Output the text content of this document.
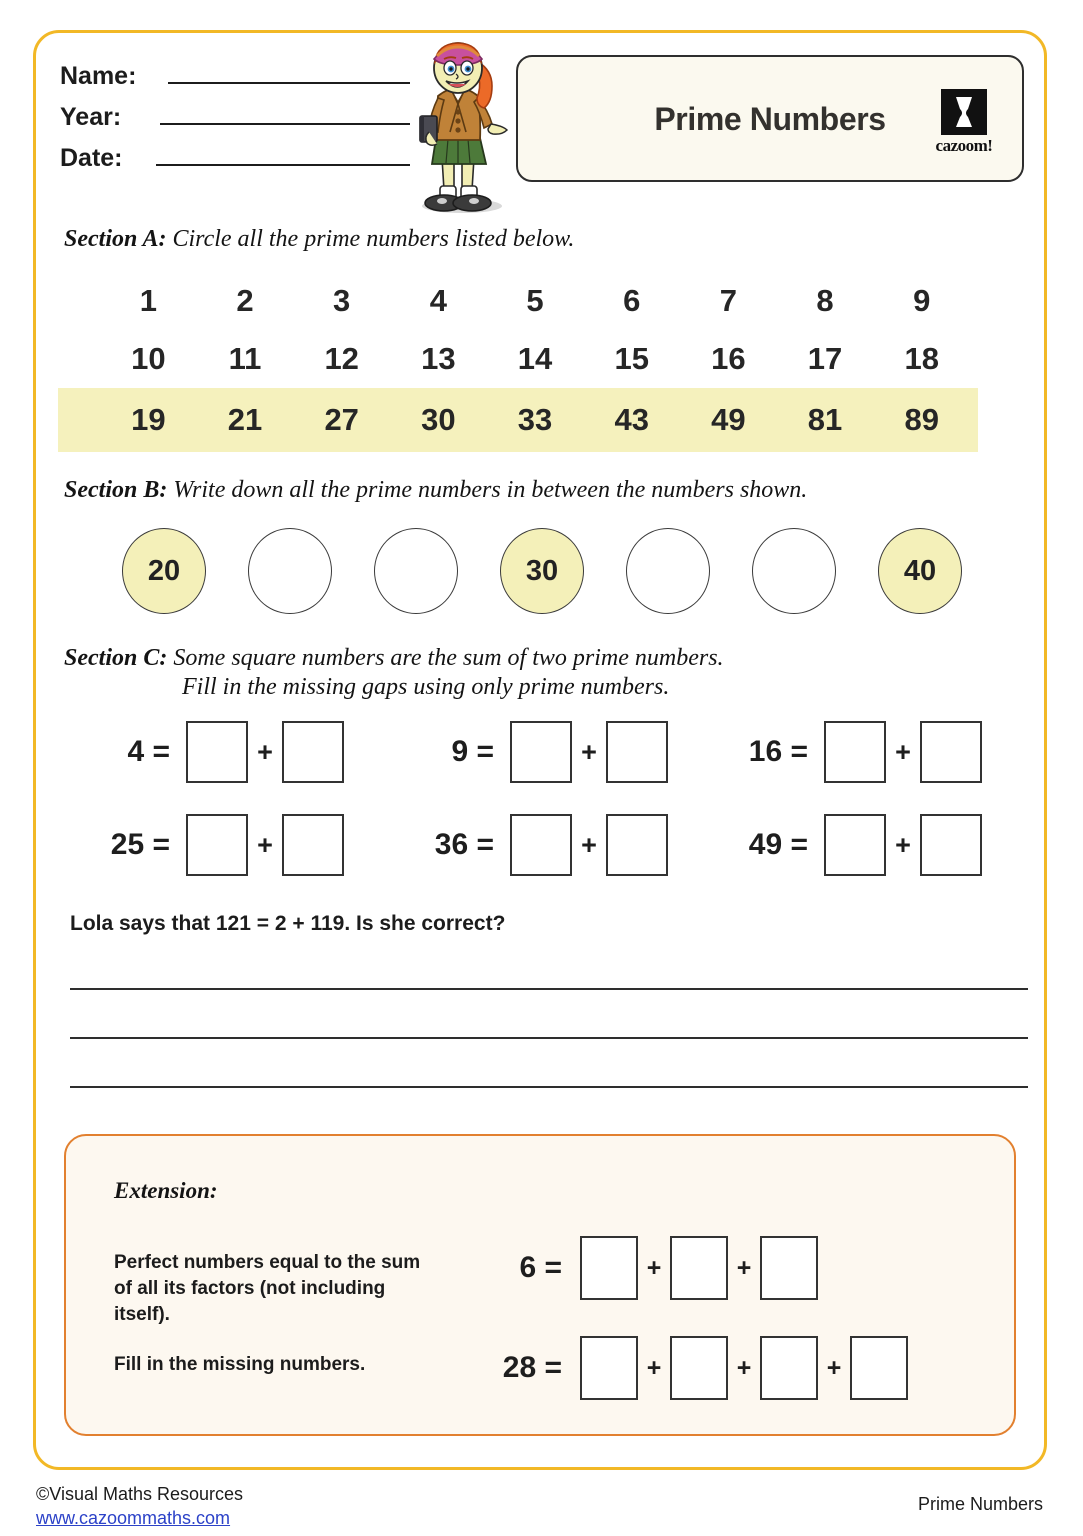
Name:
Year:
Date:
Prime Numbers
cazoom!
Section A: Circle all the prime numbers listed below.
1	2	3	4	5	6	7	8	9
10	11	12	13	14	15	16	17	18
19	21	27	30	33	43	49	81	89
Section B: Write down all the prime numbers in between the numbers shown.
20	30	40
Section C: Some square numbers are the sum of two prime numbers.
Fill in the missing gaps using only prime numbers.
4 =	+	9 =	+	16 =	+
25 =	+	36 =	+	49 =	+
Lola says that 121 = 2 + 119. Is she correct?
Extension:
Perfect numbers equal to the sum of all its factors (not including itself).
Fill in the missing numbers.
6 =	+	+
28 =	+	+	+
©Visual Maths Resources
www.cazoommaths.com
Prime Numbers
